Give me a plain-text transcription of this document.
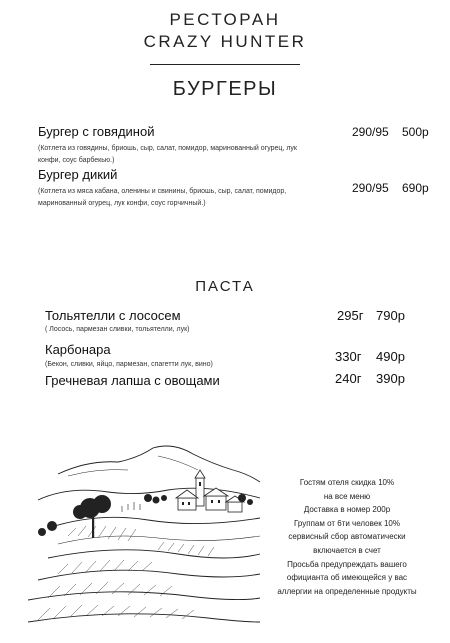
РЕСТОРАН
CRAZY HUNTER
БУРГЕРЫ
Бургер с говядиной
(Котлета из говядины, бриошь, сыр, салат, помидор, маринованный огурец, лук
конфи, соус барбекью.)
290/95 500р
Бургер дикий
(Котлета из мяса кабана, оленины и свинины, бриошь, сыр, салат, помидор,
маринованный огурец, лук конфи, соус горчичный.)
290/95 690р
ПАСТА
Тольятелли с лососем
( Лосось, пармезан сливки, тольятелли, лук)
295г 790р
Карбонара
(Бекон, сливки, яйцо, пармезан, спагетти лук, вино)
330г 490р
Гречневая лапша с овощами	240г 390р
Гостям отеля скидка 10%
на все меню
Доставка в номер 200р
Группам от 6ти человек 10%
сервисный сбор автоматически
включается в счет
Просьба предупреждать вашего
официанта об имеющейся у вас
аллергии на определенные продукты
